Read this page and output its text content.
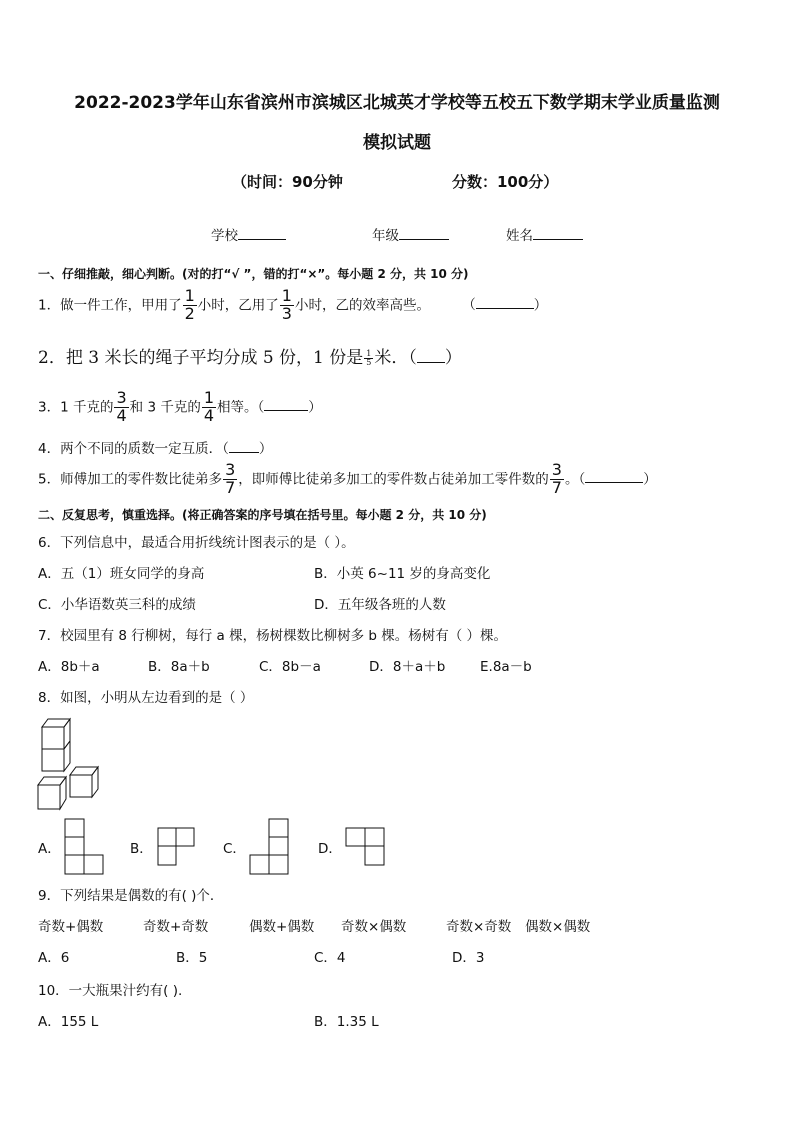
2022-2023学年山东省滨州市滨城区北城英才学校等五校五下数学期末学业质量监测
模拟试题
（时间：90分钟	分数：100分）
学校	年级	姓名
一、仔细推敲，细心判断。(对的打“√ ”，错的打“×”。每小题 2 分，共 10 分)
1．做一件工作，甲用了 $\frac{1}{2}$ 小时，乙用了 $\frac{1}{3}$ 小时，乙的效率高些。 （	）
2．把 3 米长的绳子平均分成 5 份，1 份是 $\frac{1}{5}$ 米．（ ）
3．1 千克的 $\frac{3}{4}$ 和 3 千克的 $\frac{1}{4}$ 相等。（	）
4．两个不同的质数一定互质．（ ）
5．师傅加工的零件数比徒弟多 $\frac{3}{7}$ ，即师傅比徒弟多加工的零件数占徒弟加工零件数的 $\frac{3}{7}$ 。（	）
二、反复思考，慎重选择。(将正确答案的序号填在括号里。每小题 2 分，共 10 分)
6．下列信息中，最适合用折线统计图表示的是（ ）。
A．五（1）班女同学的身高	B．小英 6~11 岁的身高变化
C．小华语数英三科的成绩	D．五年级各班的人数
7．校园里有 8 行柳树，每行 a 棵，杨树棵数比柳树多 b 棵。杨树有（ ）棵。
A．8b＋a	B．8a＋b	C．8b－a	D．8＋a＋b	E.8a－b
8．如图，小明从左边看到的是（ ）
A．	B．	C．	D．
9．下列结果是偶数的有( )个．
奇数+偶数	奇数+奇数	偶数+偶数 奇数×偶数	奇数×奇数 偶数×偶数
A．6	B．5	C．4	D．3
10．一大瓶果汁约有( ).
A．155 L	B．1.35 L
